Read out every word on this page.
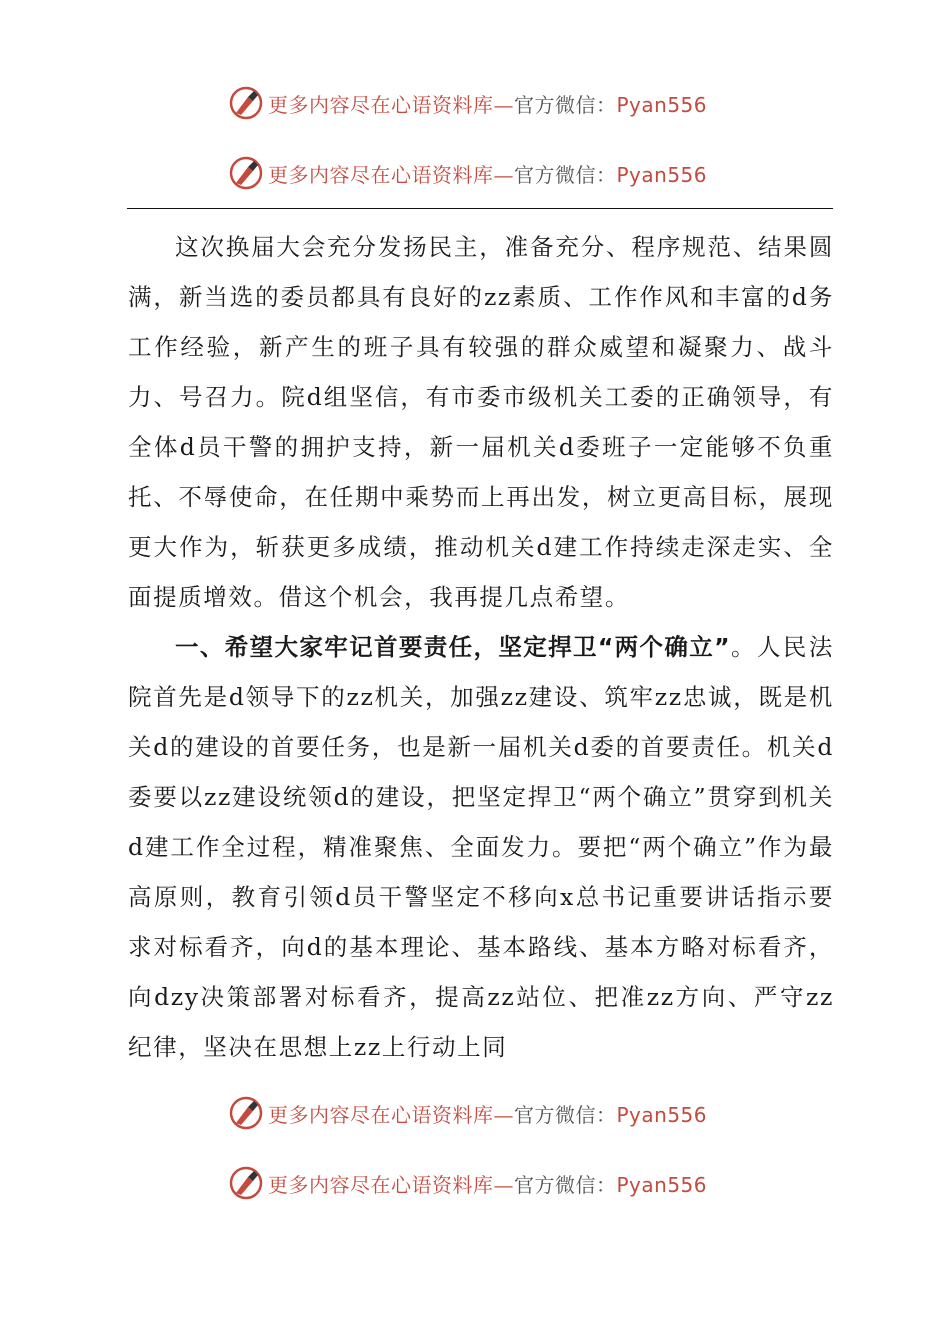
更多内容尽在心语资料库—官方微信：Pyan556
更多内容尽在心语资料库—官方微信：Pyan556

这次换届大会充分发扬民主，准备充分、程序规范、结果圆满，新当选的委员都具有良好的zz素质、工作作风和丰富的d务工作经验，新产生的班子具有较强的群众威望和凝聚力、战斗力、号召力。院d组坚信，有市委市级机关工委的正确领导，有全体d员干警的拥护支持，新一届机关d委班子一定能够不负重托、不辱使命，在任期中乘势而上再出发，树立更高目标，展现更大作为，斩获更多成绩，推动机关d建工作持续走深走实、全面提质增效。借这个机会，我再提几点希望。

一、希望大家牢记首要责任，坚定捍卫“两个确立”。人民法院首先是d领导下的zz机关，加强zz建设、筑牢zz忠诚，既是机关d的建设的首要任务，也是新一届机关d委的首要责任。机关d委要以zz建设统领d的建设，把坚定捍卫“两个确立”贯穿到机关d建工作全过程，精准聚焦、全面发力。要把“两个确立”作为最高原则，教育引领d员干警坚定不移向x总书记重要讲话指示要求对标看齐，向d的基本理论、基本路线、基本方略对标看齐，向dzy决策部署对标看齐，提高zz站位、把准zz方向、严守zz纪律，坚决在思想上zz上行动上同

更多内容尽在心语资料库—官方微信：Pyan556
更多内容尽在心语资料库—官方微信：Pyan556
